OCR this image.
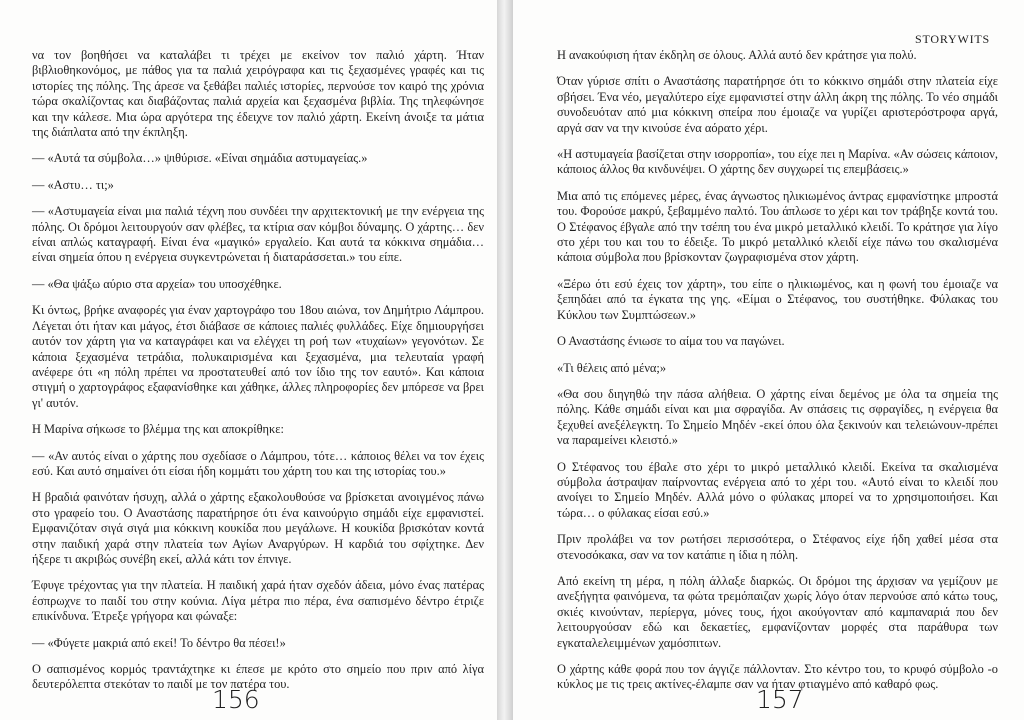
να τον βοηθήσει να καταλάβει τι τρέχει με εκείνον τον παλιό χάρτη. Ήταν βιβλιοθηκονόμος, με πάθος για τα παλιά χειρόγραφα και τις ξεχασμένες γραφές και τις ιστορίες της πόλης. Της άρεσε να ξεθάβει παλιές ιστορίες, περνούσε τον καιρό της χρόνια τώρα σκαλίζοντας και διαβάζοντας παλιά αρχεία και ξεχασμένα βιβλία. Της τηλεφώνησε και την κάλεσε. Μια ώρα αργότερα της έδειχνε τον παλιό χάρτη. Εκείνη άνοιξε τα μάτια της διάπλατα από την έκπληξη.

— «Αυτά τα σύμβολα…» ψιθύρισε. «Είναι σημάδια αστυμαγείας.»

— «Αστυ… τι;»

— «Αστυμαγεία είναι μια παλιά τέχνη που συνδέει την αρχιτεκτονική με την ενέργεια της πόλης. Οι δρόμοι λειτουργούν σαν φλέβες, τα κτίρια σαν κόμβοι δύναμης. Ο χάρτης… δεν είναι απλώς καταγραφή. Είναι ένα «μαγικό» εργαλείο. Και αυτά τα κόκκινα σημάδια… είναι σημεία όπου η ενέργεια συγκεντρώνεται ή διαταράσσεται.» του είπε.

— «Θα ψάξω αύριο στα αρχεία» του υποσχέθηκε.

Κι όντως, βρήκε αναφορές για έναν χαρτογράφο του 18ου αιώνα, τον Δημήτριο Λάμπρου. Λέγεται ότι ήταν και μάγος, έτσι διάβασε σε κάποιες παλιές φυλλάδες. Είχε δημιουργήσει αυτόν τον χάρτη για να καταγράφει και να ελέγχει τη ροή των «τυχαίων» γεγονότων. Σε κάποια ξεχασμένα τετράδια, πολυκαιρισμένα και ξεχασμένα, μια τελευταία γραφή ανέφερε ότι «η πόλη πρέπει να προστατευθεί από τον ίδιο της τον εαυτό». Και κάποια στιγμή ο χαρτογράφος εξαφανίσθηκε και χάθηκε, άλλες πληροφορίες δεν μπόρεσε να βρει γι' αυτόν.

Η Μαρίνα σήκωσε το βλέμμα της και αποκρίθηκε:

— «Αν αυτός είναι ο χάρτης που σχεδίασε ο Λάμπρου, τότε… κάποιος θέλει να τον έχεις εσύ. Και αυτό σημαίνει ότι είσαι ήδη κομμάτι του χάρτη του και της ιστορίας του.»

Η βραδιά φαινόταν ήσυχη, αλλά ο χάρτης εξακολουθούσε να βρίσκεται ανοιγμένος πάνω στο γραφείο του. Ο Αναστάσης παρατήρησε ότι ένα καινούργιο σημάδι είχε εμφανιστεί. Εμφανιζόταν σιγά σιγά μια κόκκινη κουκίδα που μεγάλωνε. Η κουκίδα βρισκόταν κοντά στην παιδική χαρά στην πλατεία των Αγίων Αναργύρων. Η καρδιά του σφίχτηκε. Δεν ήξερε τι ακριβώς συνέβη εκεί, αλλά κάτι τον έπνιγε.

Έφυγε τρέχοντας για την πλατεία. Η παιδική χαρά ήταν σχεδόν άδεια, μόνο ένας πατέρας έσπρωχνε το παιδί του στην κούνια. Λίγα μέτρα πιο πέρα, ένα σαπισμένο δέντρο έτριζε επικίνδυνα. Έτρεξε γρήγορα και φώναξε:

— «Φύγετε μακριά από εκεί! Το δέντρο θα πέσει!»

Ο σαπισμένος κορμός τραντάχτηκε κι έπεσε με κρότο στο σημείο που πριν από λίγα δευτερόλεπτα στεκόταν το παιδί με τον πατέρα του.

156
STORYWITS

Η ανακούφιση ήταν έκδηλη σε όλους. Αλλά αυτό δεν κράτησε για πολύ.

Όταν γύρισε σπίτι ο Αναστάσης παρατήρησε ότι το κόκκινο σημάδι στην πλατεία είχε σβήσει. Ένα νέο, μεγαλύτερο είχε εμφανιστεί στην άλλη άκρη της πόλης. Το νέο σημάδι συνοδευόταν από μια κόκκινη σπείρα που έμοιαζε να γυρίζει αριστερόστροφα αργά, αργά σαν να την κινούσε ένα αόρατο χέρι.

«Η αστυμαγεία βασίζεται στην ισορροπία», του είχε πει η Μαρίνα. «Αν σώσεις κάποιον, κάποιος άλλος θα κινδυνέψει. Ο χάρτης δεν συγχωρεί τις επεμβάσεις.»

Μια από τις επόμενες μέρες, ένας άγνωστος ηλικιωμένος άντρας εμφανίστηκε μπροστά του. Φορούσε μακρύ, ξεβαμμένο παλτό. Του άπλωσε το χέρι και τον τράβηξε κοντά του. Ο Στέφανος έβγαλε από την τσέπη του ένα μικρό μεταλλικό κλειδί. Το κράτησε για λίγο στο χέρι του και του το έδειξε. Το μικρό μεταλλικό κλειδί είχε πάνω του σκαλισμένα κάποια σύμβολα που βρίσκονταν ζωγραφισμένα στον χάρτη.

«Ξέρω ότι εσύ έχεις τον χάρτη», του είπε ο ηλικιωμένος, και η φωνή του έμοιαζε να ξεπηδάει από τα έγκατα της γης. «Είμαι ο Στέφανος, του συστήθηκε. Φύλακας του Κύκλου των Συμπτώσεων.»

Ο Αναστάσης ένιωσε το αίμα του να παγώνει.

«Τι θέλεις από μένα;»

«Θα σου διηγηθώ την πάσα αλήθεια. Ο χάρτης είναι δεμένος με όλα τα σημεία της πόλης. Κάθε σημάδι είναι και μια σφραγίδα. Αν σπάσεις τις σφραγίδες, η ενέργεια θα ξεχυθεί ανεξέλεγκτη. Το Σημείο Μηδέν -εκεί όπου όλα ξεκινούν και τελειώνουν-πρέπει να παραμείνει κλειστό.»

Ο Στέφανος του έβαλε στο χέρι το μικρό μεταλλικό κλειδί. Εκείνα τα σκαλισμένα σύμβολα άστραψαν παίρνοντας ενέργεια από το χέρι του. «Αυτό είναι το κλειδί που ανοίγει το Σημείο Μηδέν. Αλλά μόνο ο φύλακας μπορεί να το χρησιμοποιήσει. Και τώρα… ο φύλακας είσαι εσύ.»

Πριν προλάβει να τον ρωτήσει περισσότερα, ο Στέφανος είχε ήδη χαθεί μέσα στα στενοσόκακα, σαν να τον κατάπιε η ίδια η πόλη.

Από εκείνη τη μέρα, η πόλη άλλαξε διαρκώς. Οι δρόμοι της άρχισαν να γεμίζουν με ανεξήγητα φαινόμενα, τα φώτα τρεμόπαιζαν χωρίς λόγο όταν περνούσε από κάτω τους, σκιές κινούνταν, περίεργα, μόνες τους, ήχοι ακούγονταν από καμπαναριά που δεν λειτουργούσαν εδώ και δεκαετίες, εμφανίζονταν μορφές στα παράθυρα των εγκαταλελειμμένων χαμόσπιτων.

Ο χάρτης κάθε φορά που τον άγγιζε πάλλονταν. Στο κέντρο του, το κρυφό σύμβολο -ο κύκλος με τις τρεις ακτίνες-έλαμπε σαν να ήταν φτιαγμένο από καθαρό φως.

157
